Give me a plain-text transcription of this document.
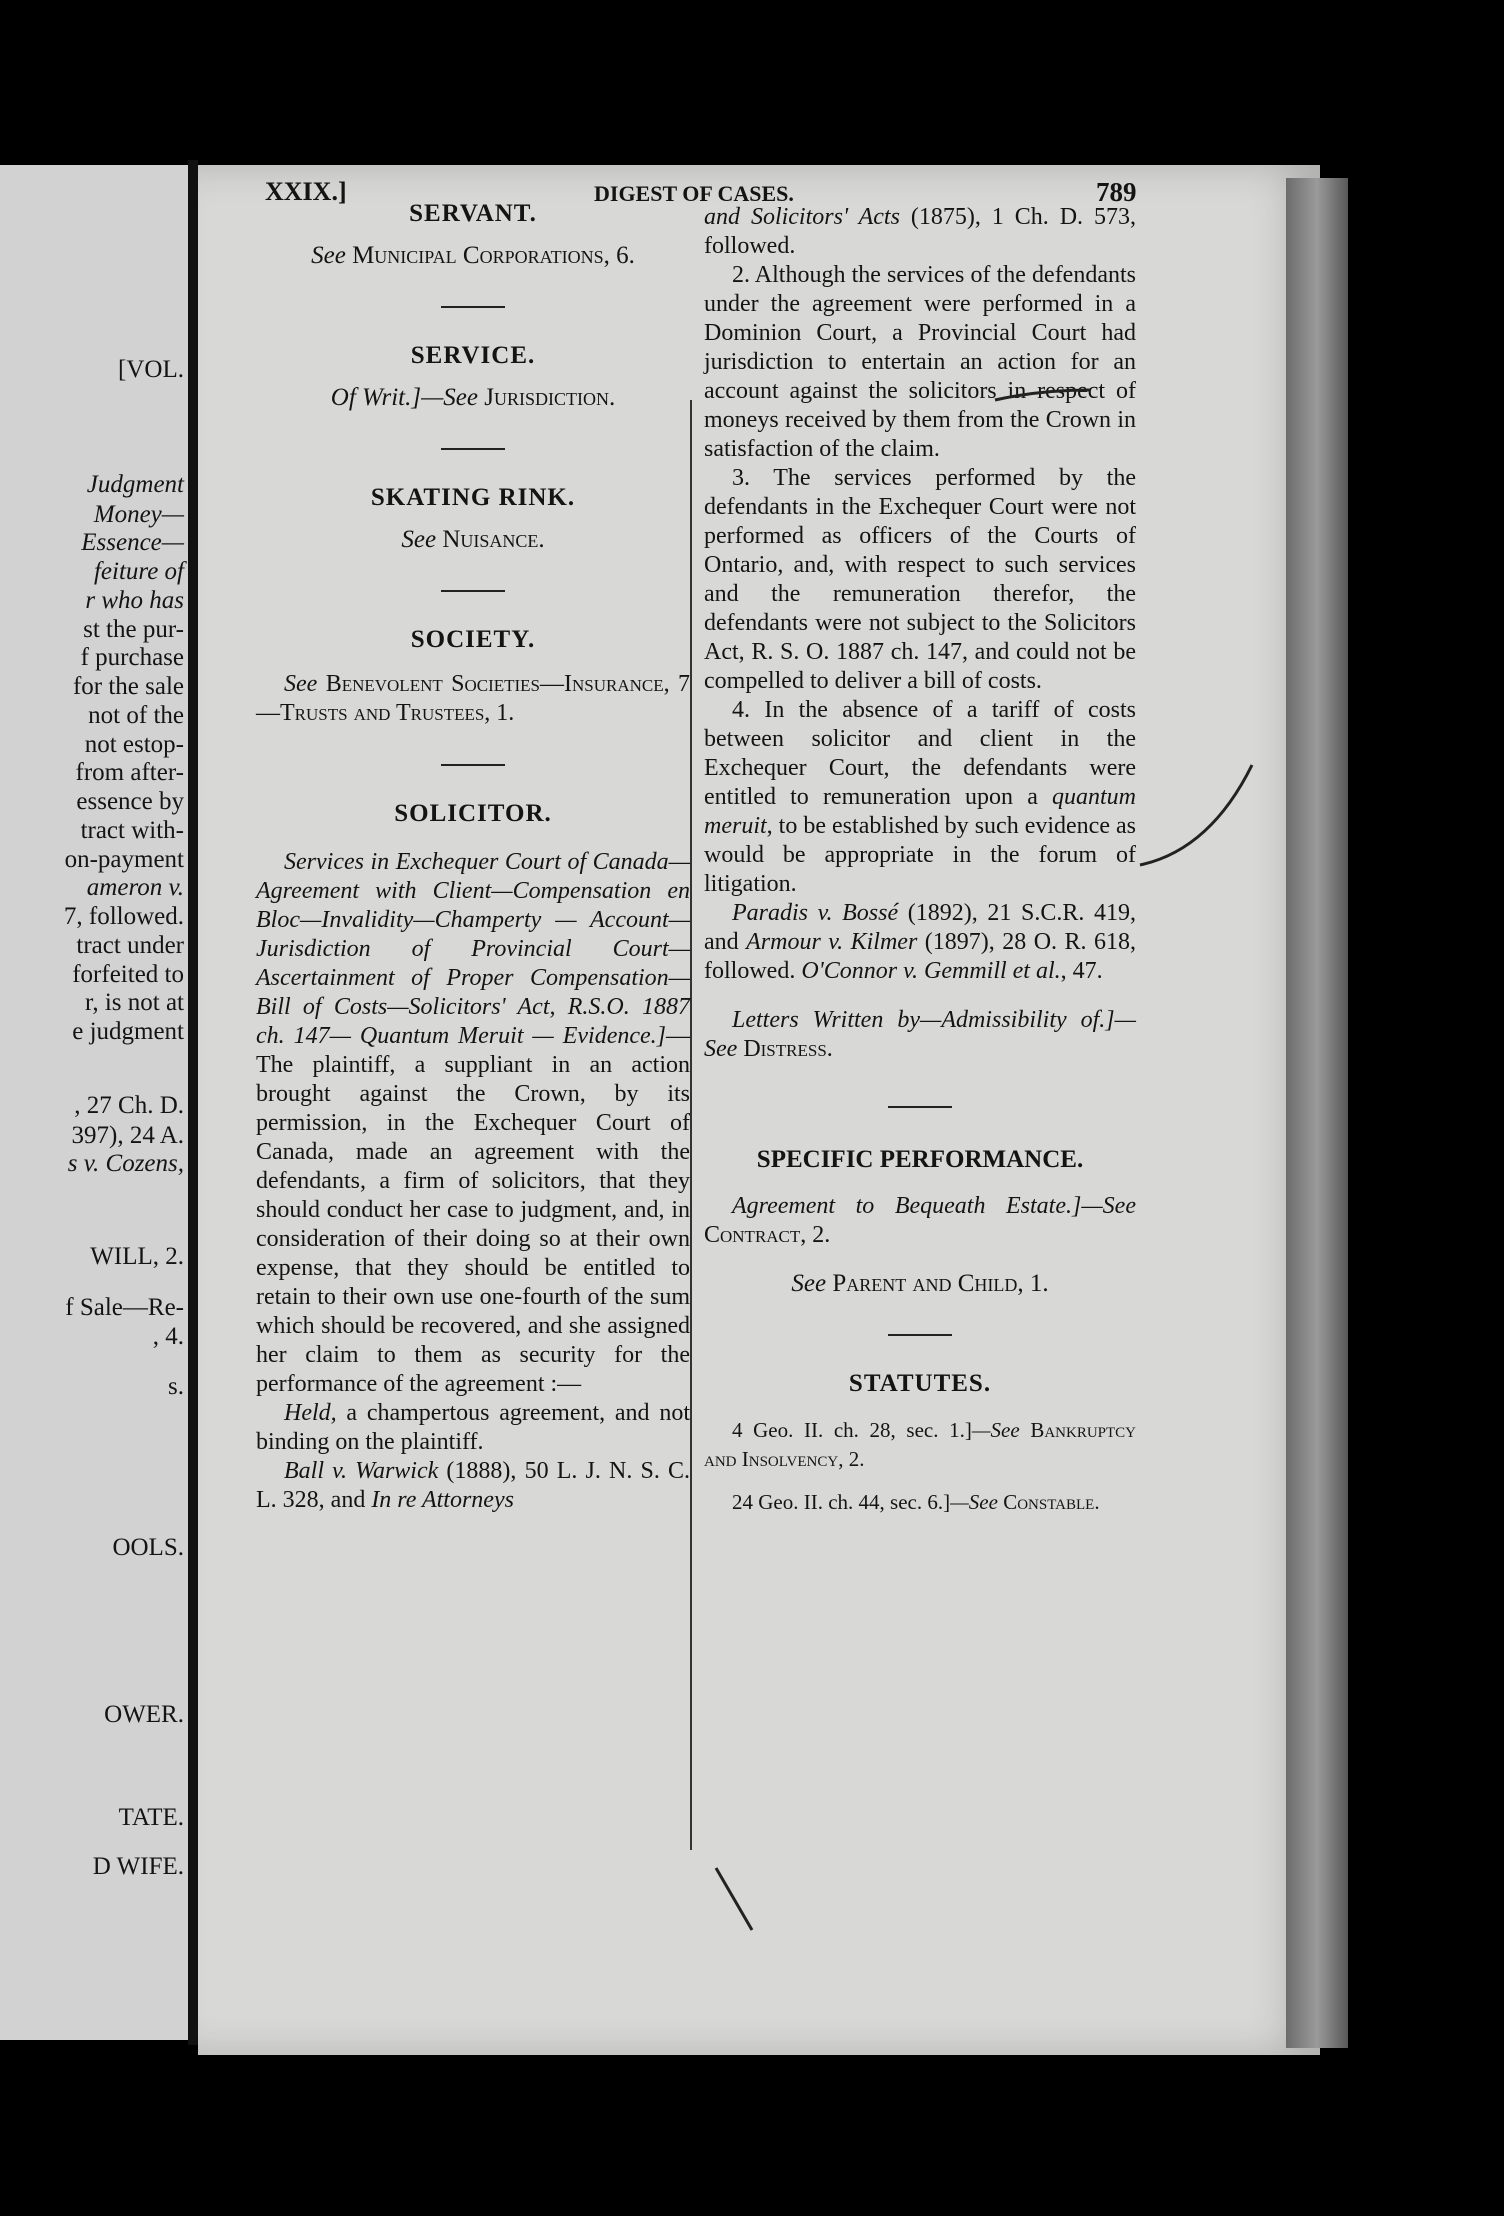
[VOL.
Judgment
Money—
Essence—
feiture of
r who has
st the pur-
f purchase
for the sale
not of the
not estop-
from after-
essence by
tract with-
on-payment
ameron v.
7, followed.
tract under
forfeited to
r, is not at
e judgment
, 27 Ch. D.
397), 24 A.
s v. Cozens,
WILL, 2.
f Sale—Re-
, 4.
s.
OOLS.
OWER.
TATE.
D WIFE.
XXIX.]	DIGEST OF CASES.	789
SERVANT.
See Municipal Corporations, 6.
SERVICE.
Of Writ.]—See Jurisdiction.
SKATING RINK.
See Nuisance.
SOCIETY.

See Benevolent Societies—Insurance, 7—Trusts and Trustees, 1.

SOLICITOR.

Services in Exchequer Court of Canada—Agreement with Client—Compensation en Bloc—Invalidity—Champerty — Account—Jurisdiction of Provincial Court—Ascertainment of Proper Compensation—Bill of Costs—Solicitors' Act, R.S.O. 1887 ch. 147— Quantum Meruit — Evidence.]—The plaintiff, a suppliant in an action brought against the Crown, by its permission, in the Exchequer Court of Canada, made an agreement with the defendants, a firm of solicitors, that they should conduct her case to judgment, and, in consideration of their doing so at their own expense, that they should be entitled to retain to their own use one-fourth of the sum which should be recovered, and she assigned her claim to them as security for the performance of the agreement :—

Held, a champertous agreement, and not binding on the plaintiff.

Ball v. Warwick (1888), 50 L. J. N. S. C. L. 328, and In re Attorneys

and Solicitors' Acts (1875), 1 Ch. D. 573, followed.

2. Although the services of the defendants under the agreement were performed in a Dominion Court, a Provincial Court had jurisdiction to entertain an action for an account against the solicitors in respect of moneys received by them from the Crown in satisfaction of the claim.

3. The services performed by the defendants in the Exchequer Court were not performed as officers of the Courts of Ontario, and, with respect to such services and the remuneration therefor, the defendants were not subject to the Solicitors Act, R. S. O. 1887 ch. 147, and could not be compelled to deliver a bill of costs.

4. In the absence of a tariff of costs between solicitor and client in the Exchequer Court, the defendants were entitled to remuneration upon a quantum meruit, to be established by such evidence as would be appropriate in the forum of litigation.

Paradis v. Bossé (1892), 21 S.C.R. 419, and Armour v. Kilmer (1897), 28 O. R. 618, followed. O'Connor v. Gemmill et al., 47.

Letters Written by—Admissibility of.]—See Distress.

SPECIFIC PERFORMANCE.

Agreement to Bequeath Estate.]—See Contract, 2.

See Parent and Child, 1.
STATUTES.

4 Geo. II. ch. 28, sec. 1.]—See Bankruptcy and Insolvency, 2.

24 Geo. II. ch. 44, sec. 6.]—See Constable.
